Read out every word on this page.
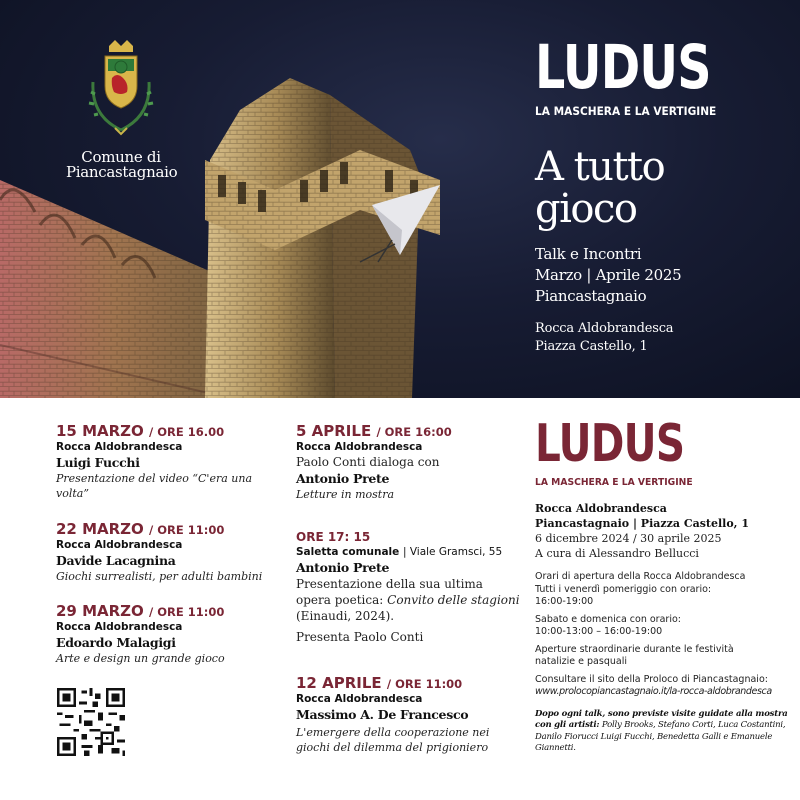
Comune di
Piancastagnaio
LUDUS
LA MASCHERA E LA VERTIGINE
A tutto
gioco
Talk e Incontri
Marzo | Aprile 2025
Piancastagnaio
Rocca Aldobrandesca
Piazza Castello, 1
15 MARZO / ORE 16.00
Rocca Aldobrandesca
Luigi Fucchi
Presentazione del video “C'era una volta”
22 MARZO / ORE 11:00
Rocca Aldobrandesca
Davide Lacagnina
Giochi surrealisti, per adulti bambini
29 MARZO / ORE 11:00
Rocca Aldobrandesca
Edoardo Malagigi
Arte e design un grande gioco
5 APRILE / ORE 16:00
Rocca Aldobrandesca
Paolo Conti dialoga con
Antonio Prete
Letture in mostra
ORE 17: 15
Saletta comunale | Viale Gramsci, 55
Antonio Prete
Presentazione della sua ultima opera poetica: Convito delle stagioni (Einaudi, 2024).
Presenta Paolo Conti
12 APRILE / ORE 11:00
Rocca Aldobrandesca
Massimo A. De Francesco
L'emergere della cooperazione nei giochi del dilemma del prigioniero
LUDUS
LA MASCHERA E LA VERTIGINE
Rocca Aldobrandesca
Piancastagnaio | Piazza Castello, 1
6 dicembre 2024 / 30 aprile 2025
A cura di Alessandro Bellucci
Orari di apertura della Rocca Aldobrandesca
Tutti i venerdì pomeriggio con orario:
16:00-19:00
Sabato e domenica con orario:
10:00-13:00 – 16:00-19:00
Aperture straordinarie durante le festività
natalizie e pasquali
Consultare il sito della Proloco di Piancastagnaio:
www.prolocopiancastagnaio.it/la-rocca-aldobrandesca
Dopo ogni talk, sono previste visite guidate alla mostra con gli artisti: Polly Brooks, Stefano Corti, Luca Costantini, Danilo Fiorucci Luigi Fucchi, Benedetta Galli e Emanuele Giannetti.
